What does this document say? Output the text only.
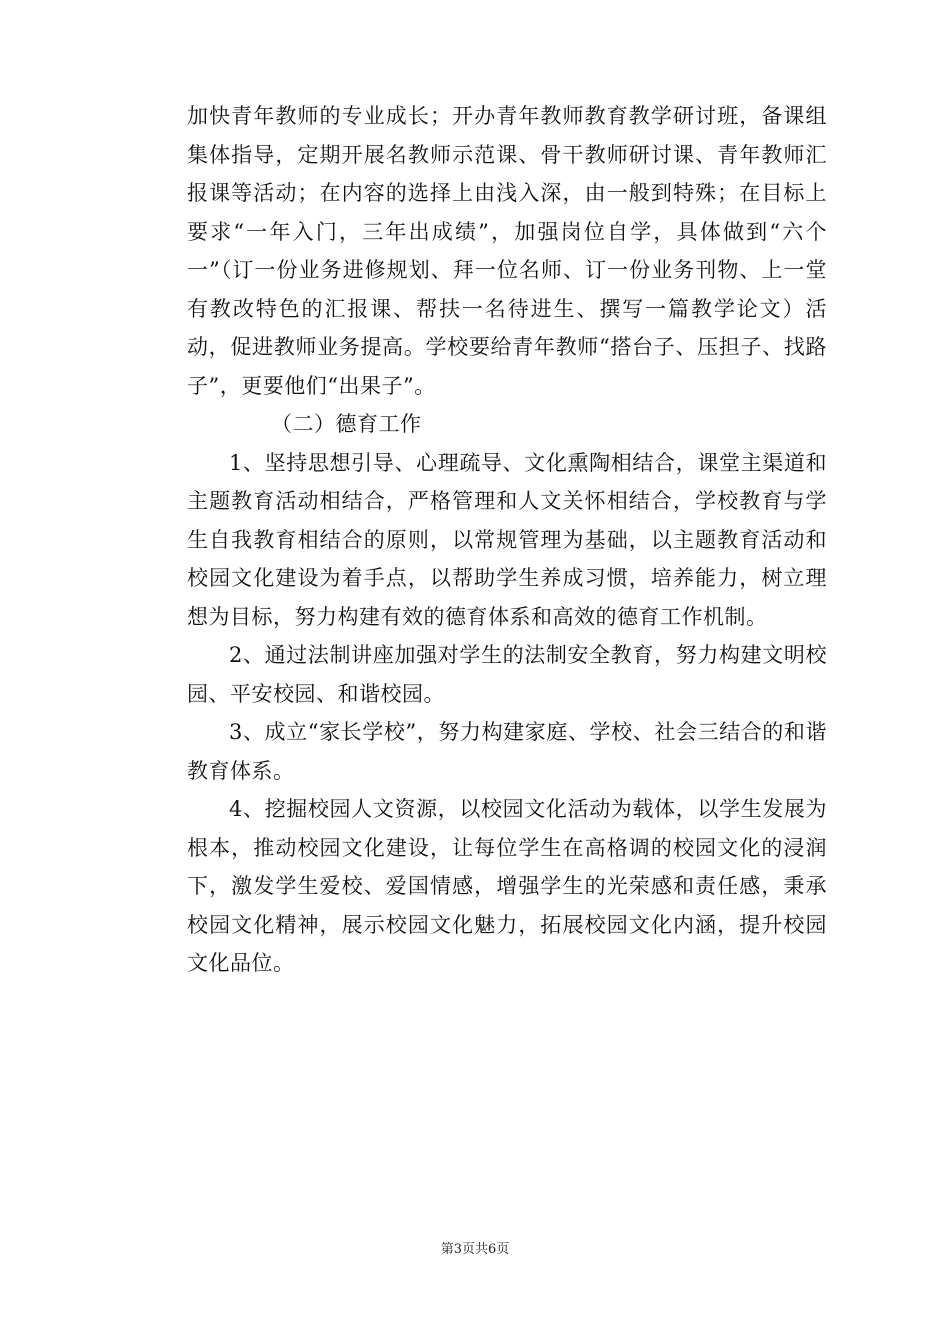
加快青年教师的专业成长；开办青年教师教育教学研讨班，备课组集体指导，定期开展名教师示范课、骨干教师研讨课、青年教师汇报课等活动；在内容的选择上由浅入深，由一般到特殊；在目标上要求“一年入门，三年出成绩”，加强岗位自学，具体做到“六个一”（订一份业务进修规划、拜一位名师、订一份业务刊物、上一堂有教改特色的汇报课、帮扶一名待进生、撰写一篇教学论文）活动，促进教师业务提高。学校要给青年教师“搭台子、压担子、找路子”，更要他们“出果子”。

（二）德育工作

1、坚持思想引导、心理疏导、文化熏陶相结合，课堂主渠道和主题教育活动相结合，严格管理和人文关怀相结合，学校教育与学生自我教育相结合的原则，以常规管理为基础，以主题教育活动和校园文化建设为着手点，以帮助学生养成习惯，培养能力，树立理想为目标，努力构建有效的德育体系和高效的德育工作机制。

2、通过法制讲座加强对学生的法制安全教育，努力构建文明校园、平安校园、和谐校园。

3、成立“家长学校”，努力构建家庭、学校、社会三结合的和谐教育体系。

4、挖掘校园人文资源，以校园文化活动为载体，以学生发展为根本，推动校园文化建设，让每位学生在高格调的校园文化的浸润下，激发学生爱校、爱国情感，增强学生的光荣感和责任感，秉承校园文化精神，展示校园文化魅力，拓展校园文化内涵，提升校园文化品位。

第3页共6页
